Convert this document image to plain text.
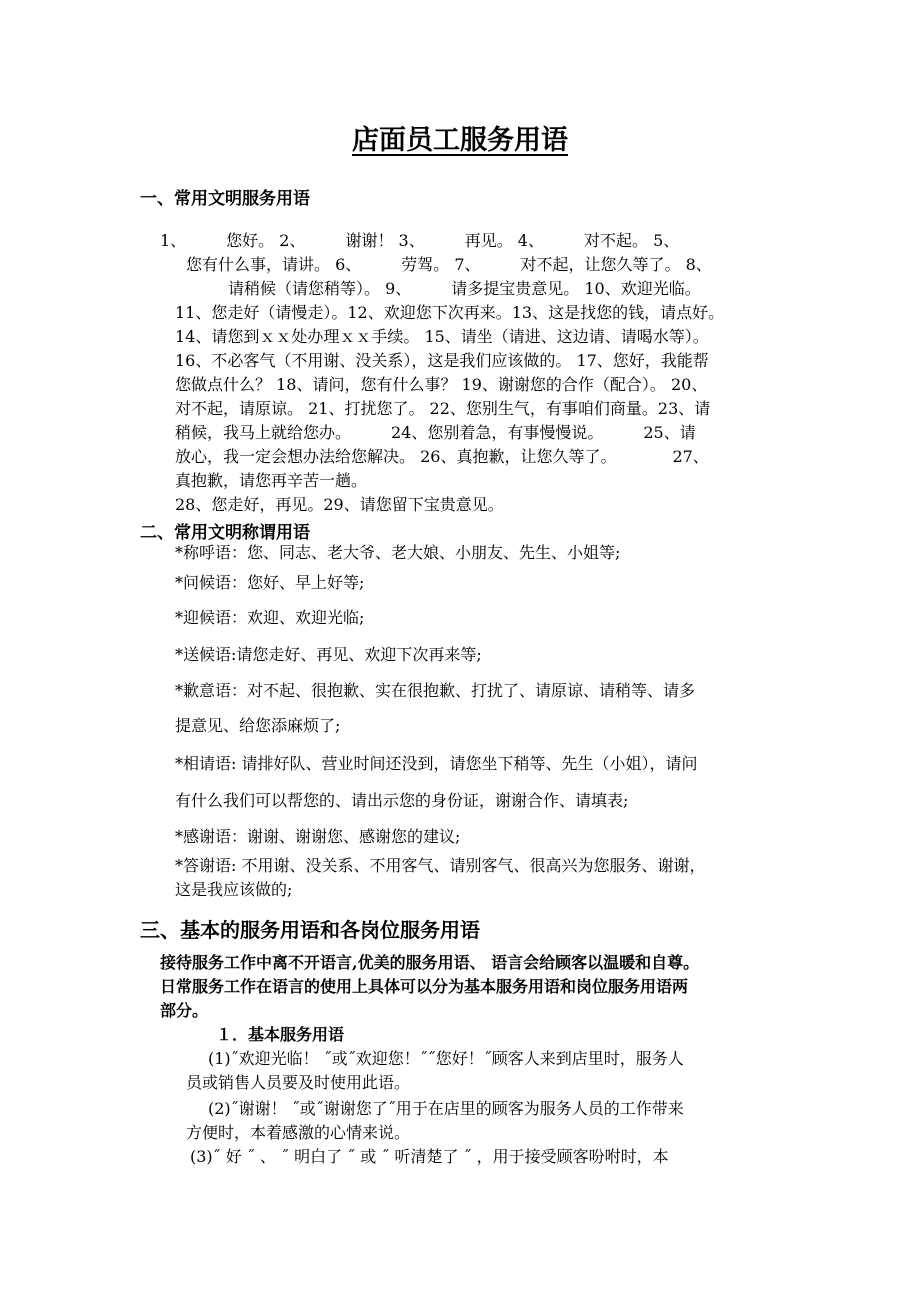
店面员工服务用语
一、常用文明服务用语
1、　　　您好。 2、　　　谢谢！ 3、　　　再见。 4、　　　对不起。 5、
您有什么事，请讲。 6、　　　劳驾。 7、　　　对不起，让您久等了。 8、
请稍候（请您稍等）。 9、　　　请多提宝贵意见。 10、欢迎光临。
11、您走好（请慢走）。12、欢迎您下次再来。13、这是找您的钱，请点好。
14、请您到ｘｘ处办理ｘｘ手续。 15、请坐（请进、这边请、请喝水等）。
16、不必客气（不用谢、没关系），这是我们应该做的。 17、您好，我能帮
您做点什么？ 18、请问，您有什么事？ 19、谢谢您的合作（配合）。 20、
对不起，请原谅。 21、打扰您了。 22、您别生气，有事咱们商量。23、请
稍候，我马上就给您办。　　　24、您别着急，有事慢慢说。　　　25、请
放心，我一定会想办法给您解决。 26、真抱歉，让您久等了。　　　　27、
真抱歉，请您再辛苦一趟。
28、您走好，再见。29、请您留下宝贵意见。
二、常用文明称谓用语
*称呼语：您、同志、老大爷、老大娘、小朋友、先生、小姐等;
*问候语：您好、早上好等;
*迎候语：欢迎、欢迎光临;
*送候语:请您走好、再见、欢迎下次再来等;
*歉意语：对不起、很抱歉、实在很抱歉、打扰了、请原谅、请稍等、请多
提意见、给您添麻烦了;
*相请语: 请排好队、营业时间还没到，请您坐下稍等、先生（小姐），请问
有什么我们可以帮您的、请出示您的身份证，谢谢合作、请填表;
*感谢语：谢谢、谢谢您、感谢您的建议;
*答谢语: 不用谢、没关系、不用客气、请别客气、很高兴为您服务、谢谢，
这是我应该做的;
三、基本的服务用语和各岗位服务用语
接待服务工作中离不开语言,优美的服务用语、 语言会给顾客以温暖和自尊。
日常服务工作在语言的使用上具体可以分为基本服务用语和岗位服务用语两
部分。
１．基本服务用语
(1)˝欢迎光临！ ˝或˝欢迎您！˝˝您好！˝顾客人来到店里时，服务人
员或销售人员要及时使用此语。
(2)˝谢谢！ ˝或˝谢谢您了˝用于在店里的顾客为服务人员的工作带来
方便时，本着感激的心情来说。
(3)˝ 好 ˝ 、 ˝ 明白了 ˝ 或 ˝ 听清楚了 ˝ ，用于接受顾客吩咐时，本
